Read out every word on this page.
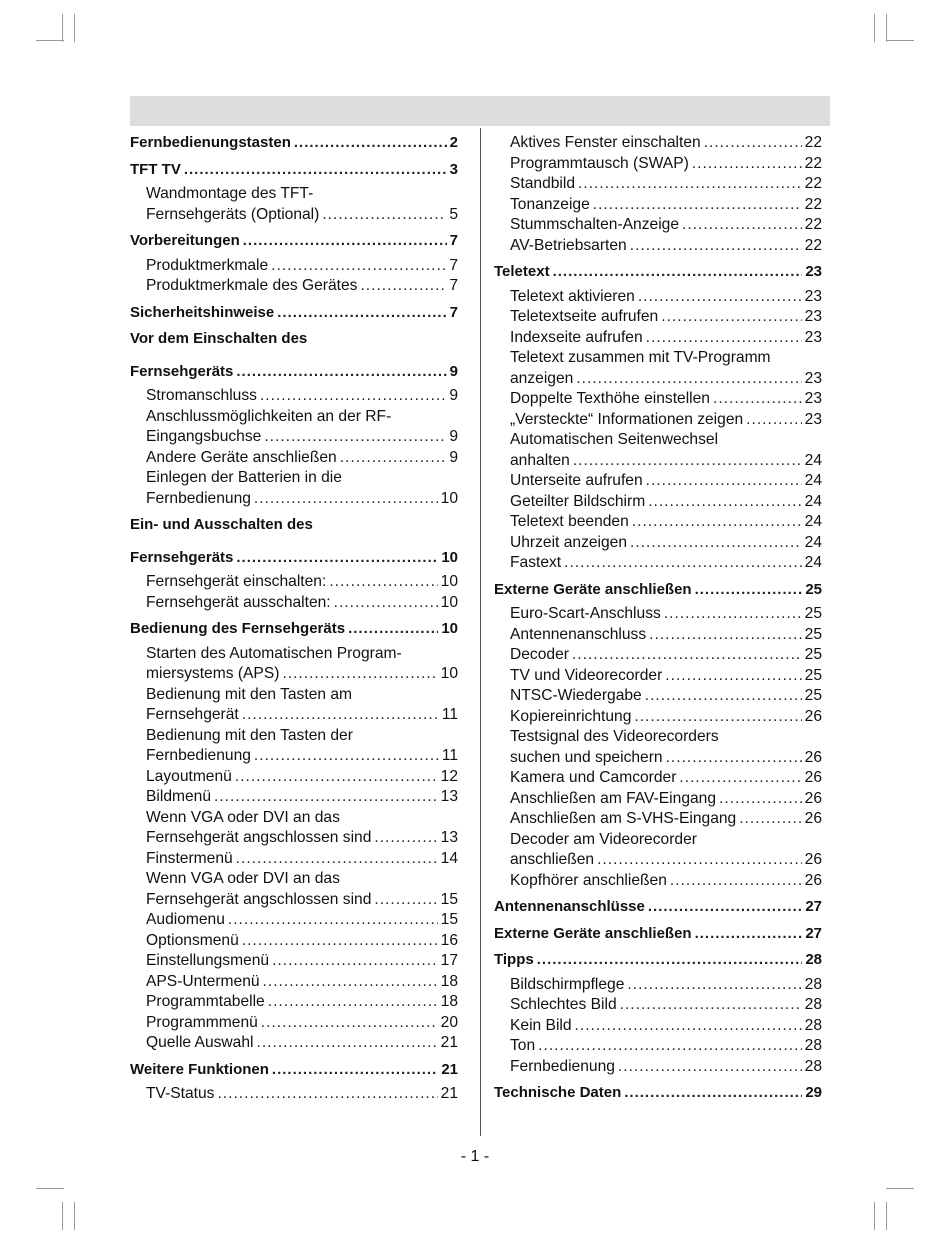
Fernbedienungstasten .....	2
TFT TV .....	3
Wandmontage des TFT-
Fernsehgeräts (Optional) .....	5
Vorbereitungen .....	7
Produktmerkmale .....	7
Produktmerkmale des Gerätes .....	7
Sicherheitshinweise .....	7
Vor dem Einschalten des
Fernsehgeräts .....	9
Stromanschluss .....	9
Anschlussmöglichkeiten an der RF-
Eingangsbuchse .....	9
Andere Geräte anschließen .....	9
Einlegen der Batterien in die
Fernbedienung .....	10
Ein- und Ausschalten des
Fernsehgeräts .....	10
Fernsehgerät einschalten: .....	10
Fernsehgerät ausschalten: .....	10
Bedienung des Fernsehgeräts .....	10
Starten des Automatischen Program-
miersystems (APS) .....	10
Bedienung mit den Tasten am
Fernsehgerät .....	11
Bedienung mit den Tasten der
Fernbedienung .....	11
Layoutmenü .....	12
Bildmenü .....	13
Wenn VGA oder DVI an das
Fernsehgerät angschlossen sind .....	13
Finstermenü .....	14
Wenn VGA oder DVI an das
Fernsehgerät angschlossen sind .....	15
Audiomenu .....	15
Optionsmenü .....	16
Einstellungsmenü .....	17
APS-Untermenü .....	18
Programmtabelle .....	18
Programmmenü .....	20
Quelle Auswahl .....	21
Weitere Funktionen .....	21
TV-Status .....	21
Aktives Fenster einschalten .....	22
Programmtausch (SWAP) .....	22
Standbild .....	22
Tonanzeige .....	22
Stummschalten-Anzeige .....	22
AV-Betriebsarten .....	22
Teletext .....	23
Teletext aktivieren .....	23
Teletextseite aufrufen .....	23
Indexseite aufrufen .....	23
Teletext zusammen mit TV-Programm
anzeigen .....	23
Doppelte Texthöhe einstellen .....	23
„Versteckte“ Informationen zeigen .....	23
Automatischen Seitenwechsel
anhalten .....	24
Unterseite aufrufen .....	24
Geteilter Bildschirm .....	24
Teletext beenden .....	24
Uhrzeit anzeigen .....	24
Fastext .....	24
Externe Geräte anschließen .....	25
Euro-Scart-Anschluss .....	25
Antennenanschluss .....	25
Decoder .....	25
TV und Videorecorder .....	25
NTSC-Wiedergabe .....	25
Kopiereinrichtung .....	26
Testsignal des Videorecorders
suchen und speichern .....	26
Kamera und Camcorder .....	26
Anschließen am FAV-Eingang .....	26
Anschließen am S-VHS-Eingang .....	26
Decoder am Videorecorder
anschließen .....	26
Kopfhörer anschließen .....	26
Antennenanschlüsse .....	27
Externe Geräte anschließen .....	27
Tipps .....	28
Bildschirmpflege .....	28
Schlechtes Bild .....	28
Kein Bild .....	28
Ton .....	28
Fernbedienung .....	28
Technische Daten .....	29
- 1 -
